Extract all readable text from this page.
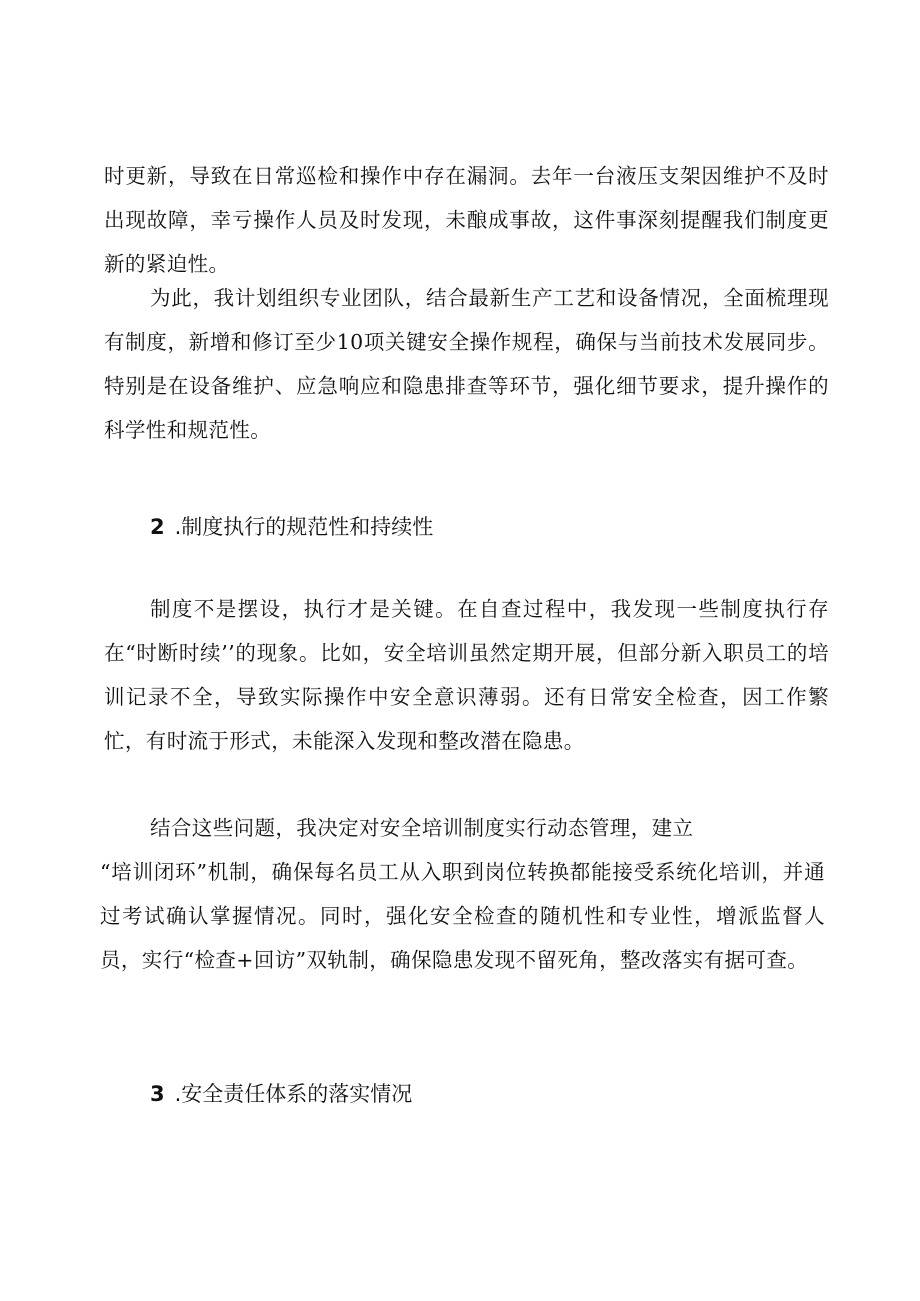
时更新，导致在日常巡检和操作中存在漏洞。去年一台液压支架因维护不及时出现故障，幸亏操作人员及时发现，未酿成事故，这件事深刻提醒我们制度更新的紧迫性。

为此，我计划组织专业团队，结合最新生产工艺和设备情况，全面梳理现有制度，新增和修订至少10项关键安全操作规程，确保与当前技术发展同步。特别是在设备维护、应急响应和隐患排查等环节，强化细节要求，提升操作的科学性和规范性。

2 .制度执行的规范性和持续性

制度不是摆设，执行才是关键。在自查过程中，我发现一些制度执行存在“时断时续’’的现象。比如，安全培训虽然定期开展，但部分新入职员工的培训记录不全，导致实际操作中安全意识薄弱。还有日常安全检查，因工作繁忙，有时流于形式，未能深入发现和整改潜在隐患。

结合这些问题，我决定对安全培训制度实行动态管理，建立

“培训闭环”机制，确保每名员工从入职到岗位转换都能接受系统化培训，并通过考试确认掌握情况。同时，强化安全检查的随机性和专业性，增派监督人员，实行“检查+回访”双轨制，确保隐患发现不留死角，整改落实有据可查。

3 .安全责任体系的落实情况
